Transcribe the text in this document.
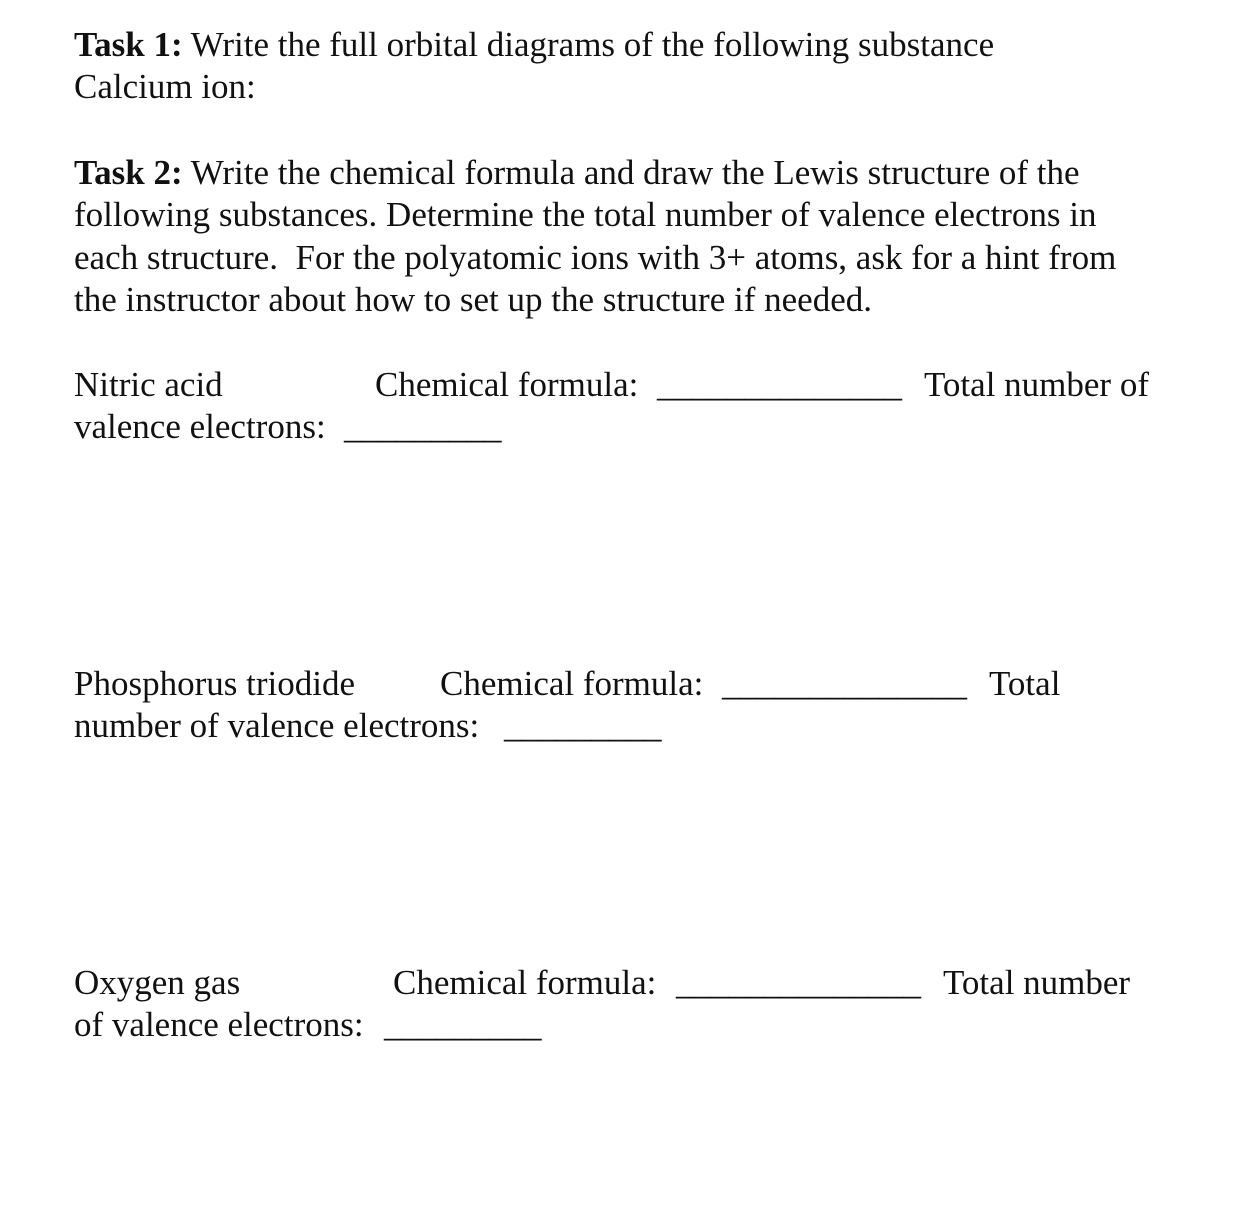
Task 1: Write the full orbital diagrams of the following substance
Calcium ion:
Task 2: Write the chemical formula and draw the Lewis structure of the
following substances. Determine the total number of valence electrons in
each structure.  For the polyatomic ions with 3+ atoms, ask for a hint from
the instructor about how to set up the structure if needed.
Nitric acid	Chemical formula: ______________ Total number of
valence electrons: _________
Phosphorus triodide Chemical formula: ______________ Total
number of valence electrons: _________
Oxygen gas	Chemical formula: ______________ Total number
of valence electrons: _________
